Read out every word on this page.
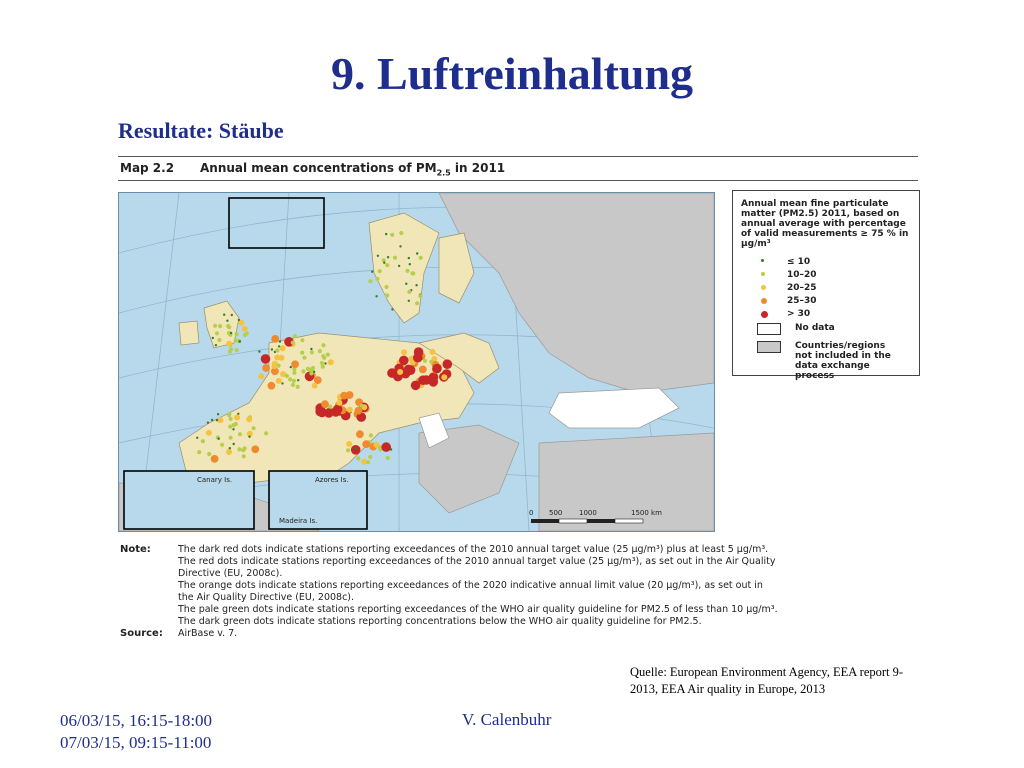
9. Luftreinhaltung
Resultate: Stäube
Map 2.2 Annual mean concentrations of $PM_{2.5}$ in 2011
Canary Is.	Azores Is.
Madeira Is.
0 500 1000	1500 km
Annual mean fine particulate matter (PM2.5) 2011, based on annual average with percentage of valid measurements ≥ 75 % in µg/m³
≤ 10
10–20
20–25
25–30
> 30
No data
Countries/regions not included in the data exchange process
Note:	The dark red dots indicate stations reporting exceedances of the 2010 annual target value (25 µg/m³) plus at least 5 µg/m³.
The red dots indicate stations reporting exceedances of the 2010 annual target value (25 µg/m³), as set out in the Air Quality
Directive (EU, 2008c).
The orange dots indicate stations reporting exceedances of the 2020 indicative annual limit value (20 µg/m³), as set out in
the Air Quality Directive (EU, 2008c).
The pale green dots indicate stations reporting exceedances of the WHO air quality guideline for PM2.5 of less than 10 µg/m³.
The dark green dots indicate stations reporting concentrations below the WHO air quality guideline for PM2.5.
Source: AirBase v. 7.
Quelle: European Environment Agency, EEA report 9-
2013, EEA Air quality in Europe, 2013
06/03/15, 16:15-18:00
07/03/15, 09:15-11:00
V. Calenbuhr
